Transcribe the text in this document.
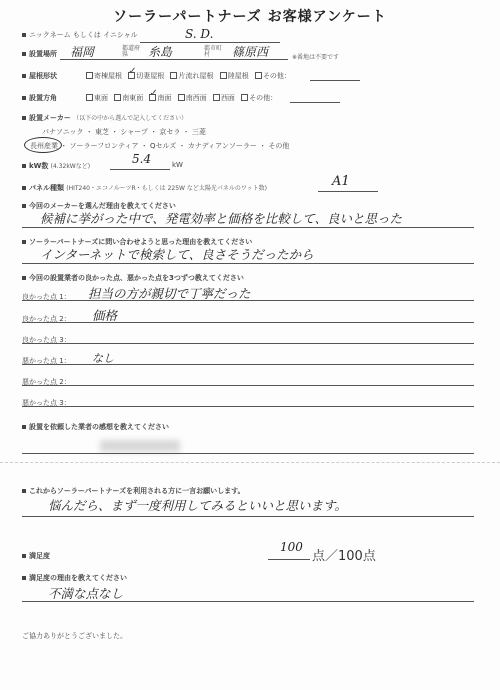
ソーラーパートナーズ お客様アンケート
ニックネーム もしくは イニシャル	S. D.
設置場所 福岡	都道府県	糸島	郡市町村	篠原西	※番地は不要です
屋根形状	寄棟屋根 ✓ 切妻屋根 片流れ屋根 陸屋根 その他：
設置方角	東面 南東面 ✓ 南面 南西面 西面 その他：
設置メーカー （以下の中から選んで記入してください）
パナソニック ・ 東芝 ・ シャープ ・ 京セラ ・ 三菱
長州産業 ・ ソーラーフロンティア ・ Qセルズ ・ カナディアンソーラー ・ その他
kW数 (4.32kWなど)
5.4	kW
パネル種類 (HIT240・エコノルーツR・もしくは 225W など太陽光パネルのワット数)	A1
今回のメーカーを選んだ理由を教えてください
候補に挙がった中で、発電効率と価格を比較して、良いと思った
ソーラーパートナーズに問い合わせようと思った理由を教えてください
インターネットで検索して、良さそうだったから
今回の設置業者の良かった点、悪かった点を3つずつ教えてください
良かった点 1： 担当の方が親切で丁寧だった
良かった点 2： 価格
良かった点 3：
悪かった点 1： なし
悪かった点 2：
悪かった点 3：
設置を依頼した業者の感想を教えてください
これからソーラーパートナーズを利用される方に一言お願いします。
悩んだら、まず一度利用してみるといいと思います。
満足度
100
点／100点
満足度の理由を教えてください
不満な点なし
ご協力ありがとうございました。
